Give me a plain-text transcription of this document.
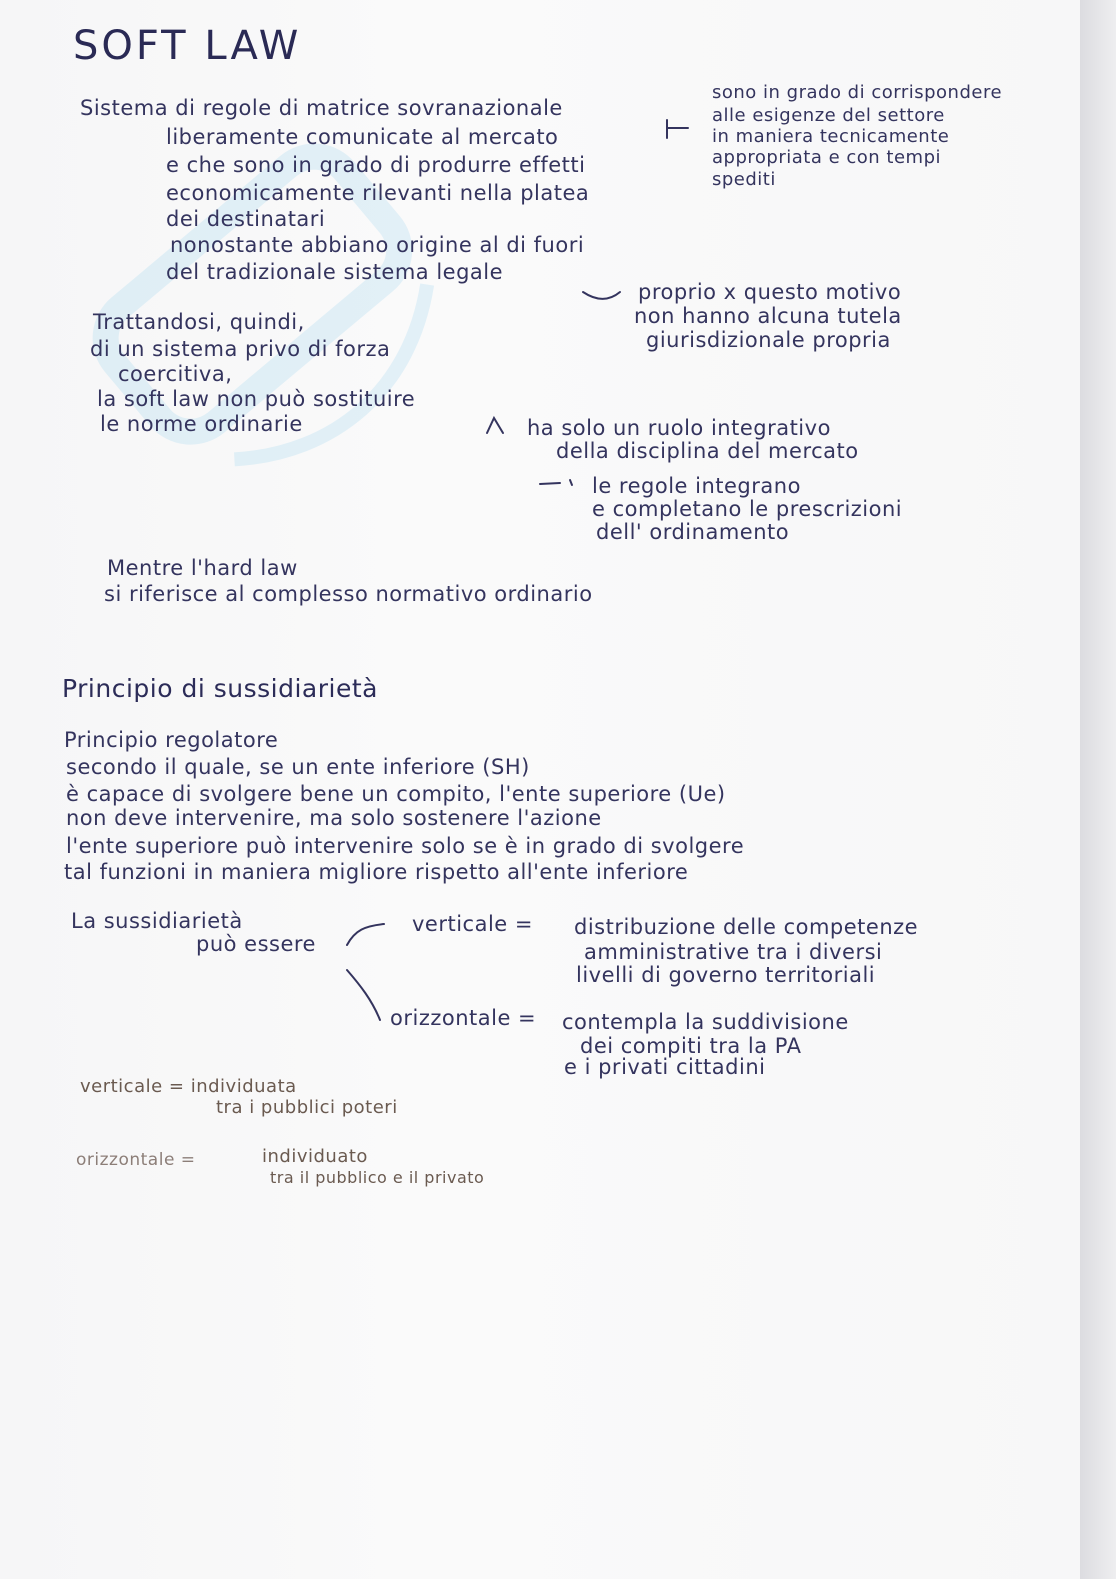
SOFT LAW
Sistema di regole di matrice sovranazionale
liberamente comunicate al mercato
e che sono in grado di produrre effetti
economicamente rilevanti nella platea
dei destinatari
nonostante abbiano origine al di fuori
del tradizionale sistema legale
sono in grado di corrispondere
alle esigenze del settore
in maniera tecnicamente
appropriata e con tempi
spediti
proprio x questo motivo
non hanno alcuna tutela
giurisdizionale propria
Trattandosi, quindi,
di un sistema privo di forza
coercitiva,
la soft law non può sostituire
le norme ordinarie	ha solo un ruolo integrativo
della disciplina del mercato
le regole integrano
e completano le prescrizioni
dell' ordinamento
Mentre l'hard law
si riferisce al complesso normativo ordinario
Principio di sussidiarietà
Principio regolatore
secondo il quale, se un ente inferiore (SH)
è capace di svolgere bene un compito, l'ente superiore (Ue)
non deve intervenire, ma solo sostenere l'azione
l'ente superiore può intervenire solo se è in grado di svolgere
tal funzioni in maniera migliore rispetto all'ente inferiore
La sussidiarietà
può essere
verticale = distribuzione delle competenze
amministrative tra i diversi
livelli di governo territoriali
orizzontale = contempla la suddivisione
dei compiti tra la PA
e i privati cittadini
verticale = individuata
tra i pubblici poteri
orizzontale =	individuato
tra il pubblico e il privato
